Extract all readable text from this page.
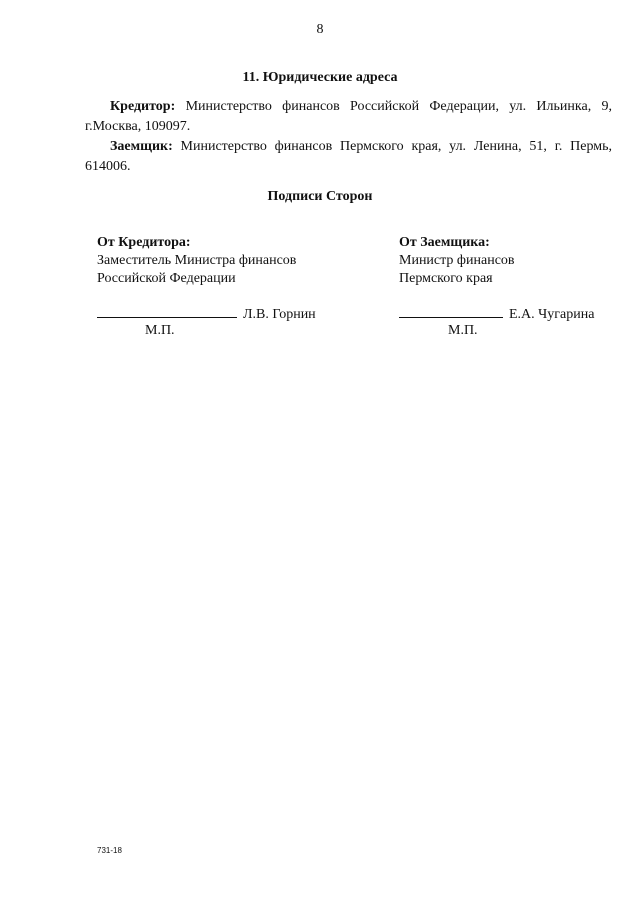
8
11. Юридические адреса
Кредитор: Министерство финансов Российской Федерации, ул. Ильинка, 9,
г.Москва, 109097.
Заемщик: Министерство финансов Пермского края, ул. Ленина, 51, г. Пермь,
614006.
Подписи Сторон
От Кредитора:
Заместитель Министра финансов
Российской Федерации
От Заемщика:
Министр финансов
Пермского края
Л.В. Горнин	Е.А. Чугарина
М.П.	М.П.
731-18
